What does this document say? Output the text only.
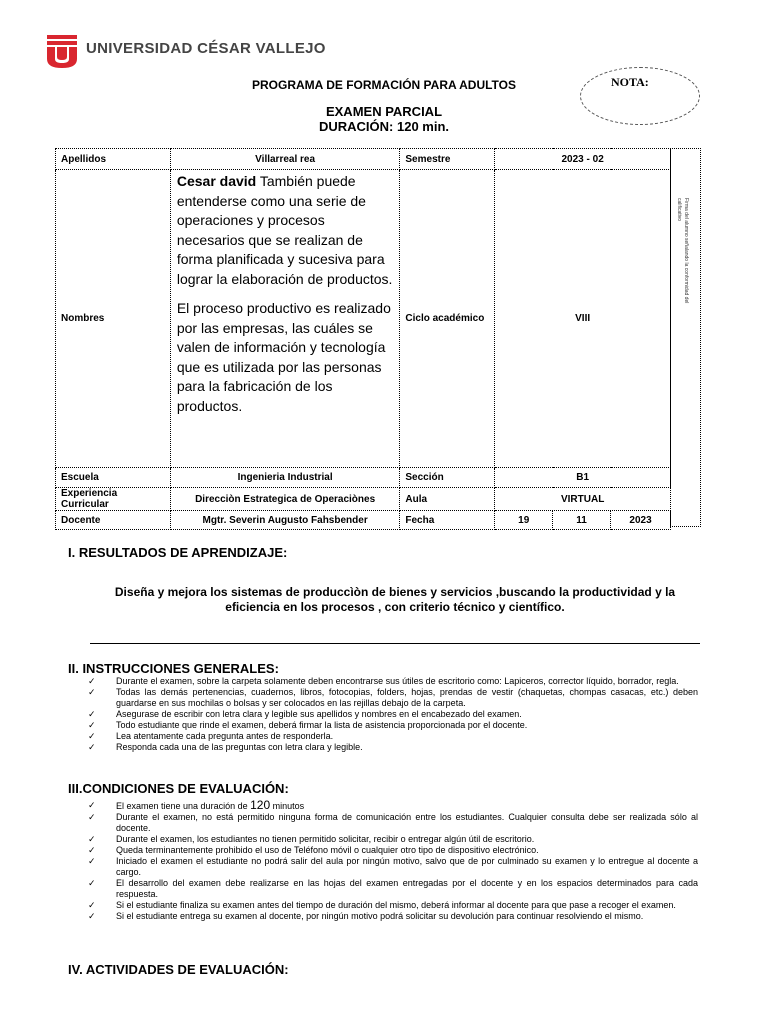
UNIVERSIDAD CÉSAR VALLEJO
PROGRAMA DE FORMACIÓN PARA ADULTOS
EXAMEN PARCIAL
DURACIÓN: 120 min.
NOTA:
Apellidos	Villarreal rea	Semestre	2023 - 02		
Nombres	Cesar david También puede entenderse como una serie de operaciones y procesos necesarios que se realizan de forma planificada y sucesiva para lograr la elaboración de productos.

El proceso productivo es realizado por las empresas, las cuáles se valen de información y tecnología que es utilizada por las personas para la fabricación de los productos.	Ciclo académico	VIII		
Escuela	Ingenieria Industrial	Sección	B1		
Experiencia Curricular	Direcciòn Estrategica de Operaciònes	Aula	VIRTUAL		
Docente	Mgtr. Severin Augusto Fahsbender	Fecha	19	11	2023
Firma del alumno señalando la conformidad del calificativo
I. RESULTADOS DE APRENDIZAJE:
Diseña y mejora los sistemas de produccìòn de bienes y servicios ,buscando la productividad y la eficiencia en los procesos , con criterio técnico y científico.
II. INSTRUCCIONES GENERALES:
✓ Durante el examen, sobre la carpeta solamente deben encontrarse sus útiles de escritorio como: Lapiceros, corrector líquido, borrador, regla.
✓ Todas las demás pertenencias, cuadernos, libros, fotocopias, folders, hojas, prendas de vestir (chaquetas, chompas casacas, etc.) deben guardarse en sus mochilas o bolsas y ser colocados en las rejillas debajo de la carpeta.
✓ Asegurase de escribir con letra clara y legible sus apellidos y nombres en el encabezado del examen.
✓ Todo estudiante que rinde el examen, deberá firmar la lista de asistencia proporcionada por el docente.
✓ Lea atentamente cada pregunta antes de responderla.
✓ Responda cada una de las preguntas con letra clara y legible.
III.CONDICIONES DE EVALUACIÓN:
✓ El examen tiene una duración de 120 minutos
✓ Durante el examen, no está permitido ninguna forma de comunicación entre los estudiantes. Cualquier consulta debe ser realizada sólo al docente.
✓ Durante el examen, los estudiantes no tienen permitido solicitar, recibir o entregar algún útil de escritorio.
✓ Queda terminantemente prohibido el uso de Teléfono móvil o cualquier otro tipo de dispositivo electrónico.
✓ Iniciado el examen el estudiante no podrá salir del aula por ningún motivo, salvo que de por culminado su examen y lo entregue al docente a cargo.
✓ El desarrollo del examen debe realizarse en las hojas del examen entregadas por el docente y en los espacios determinados para cada respuesta.
✓ Si el estudiante finaliza su examen antes del tiempo de duración del mismo, deberá informar al docente para que pase a recoger el examen.
✓ Si el estudiante entrega su examen al docente, por ningún motivo podrá solicitar su devolución para continuar resolviendo el mismo.
IV. ACTIVIDADES DE EVALUACIÓN:
